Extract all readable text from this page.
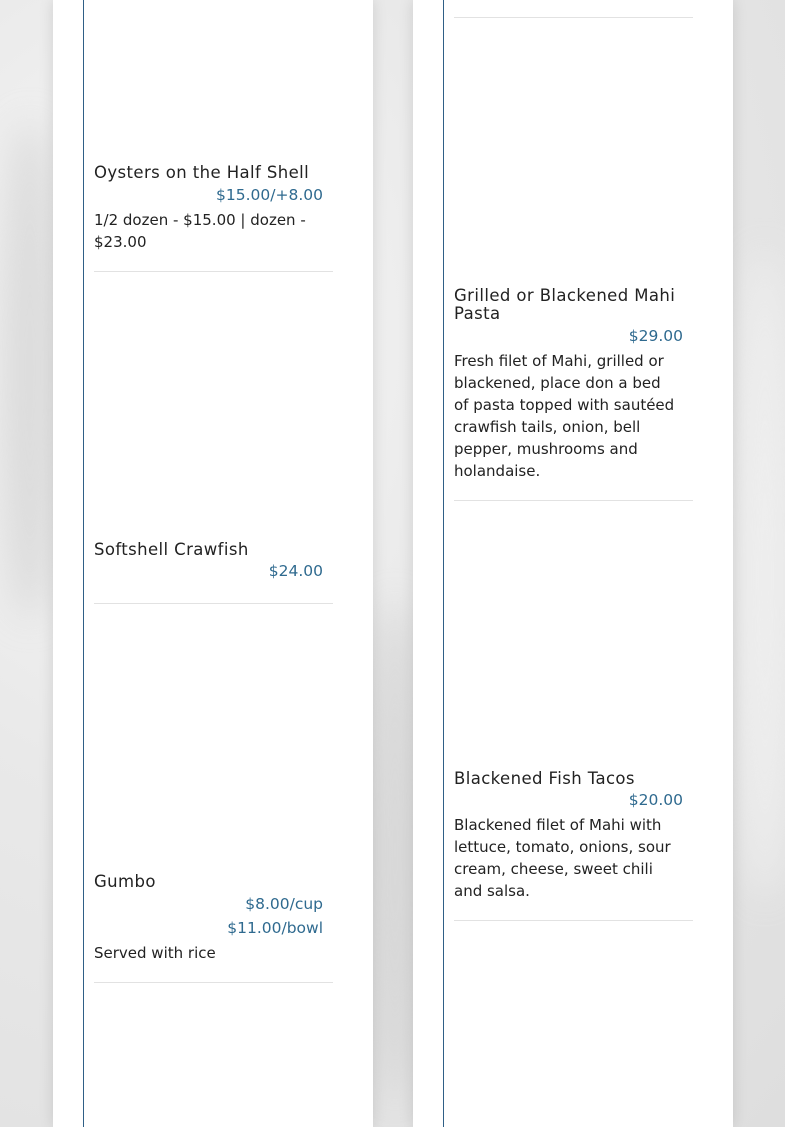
Oysters on the Half Shell
$15.00/+8.00
1/2 dozen - $15.00 | dozen - $23.00
Softshell Crawfish
$24.00
Gumbo
$8.00/cup
$11.00/bowl
Served with rice
Grilled or Blackened Mahi Pasta
$29.00
Fresh filet of Mahi, grilled or blackened, place don a bed of pasta topped with sautéed crawfish tails, onion, bell pepper, mushrooms and holandaise.
Blackened Fish Tacos
$20.00
Blackened filet of Mahi with lettuce, tomato, onions, sour cream, cheese, sweet chili and salsa.
